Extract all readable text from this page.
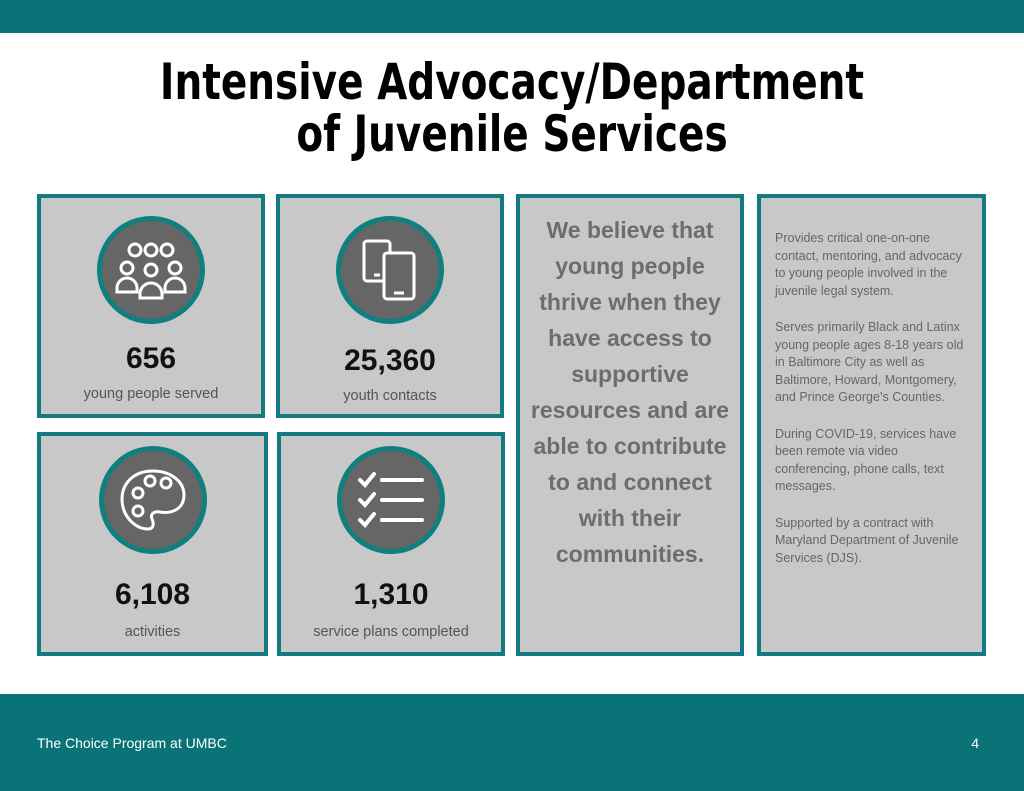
Intensive Advocacy/Department of Juvenile Services
656
young people served
25,360
youth contacts
6,108
activities
1,310
service plans completed
We believe that young people thrive when they have access to supportive resources and are able to contribute to and connect with their communities.

Provides critical one-on-one contact, mentoring, and advocacy to young people involved in the juvenile legal system.

Serves primarily Black and Latinx young people ages 8-18 years old in Baltimore City as well as Baltimore, Howard, Montgomery, and Prince George’s Counties.

During COVID-19, services have been remote via video conferencing, phone calls, text messages.

Supported by a contract with Maryland Department of Juvenile Services (DJS).

The Choice Program at UMBC	4
